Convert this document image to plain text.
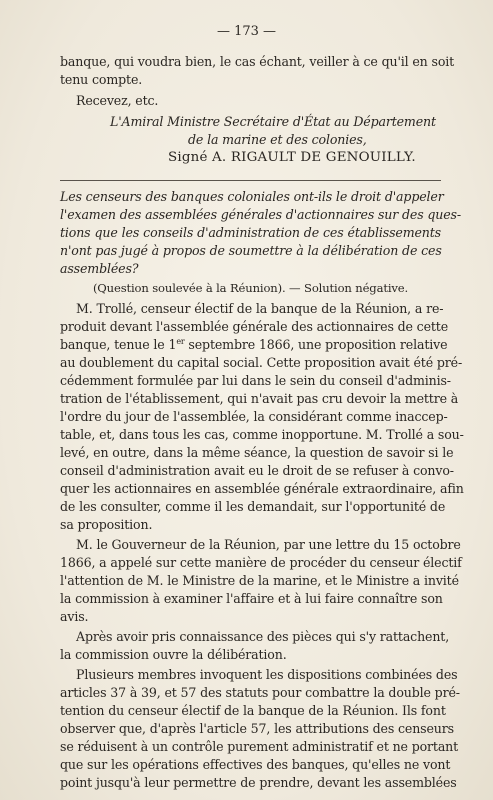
— 173 —
banque, qui voudra bien, le cas échant, veiller à ce qu'il en soit
tenu compte.
Recevez, etc.
L'Amiral Ministre Secrétaire d'État au Département
de la marine et des colonies,
Signé A. RIGAULT DE GENOUILLY.
Les censeurs des banques coloniales ont-ils le droit d'appeler
l'examen des assemblées générales d'actionnaires sur des ques-
tions que les conseils d'administration de ces établissements
n'ont pas jugé à propos de soumettre à la délibération de ces
assemblées?
(Question soulevée à la Réunion). — Solution négative.
M. Trollé, censeur électif de la banque de la Réunion, a re-
produit devant l'assemblée générale des actionnaires de cette
banque, tenue le 1er septembre 1866, une proposition relative
au doublement du capital social. Cette proposition avait été pré-
cédemment formulée par lui dans le sein du conseil d'adminis-
tration de l'établissement, qui n'avait pas cru devoir la mettre à
l'ordre du jour de l'assemblée, la considérant comme inaccep-
table, et, dans tous les cas, comme inopportune. M. Trollé a sou-
levé, en outre, dans la même séance, la question de savoir si le
conseil d'administration avait eu le droit de se refuser à convo-
quer les actionnaires en assemblée générale extraordinaire, afin
de les consulter, comme il les demandait, sur l'opportunité de
sa proposition.
M. le Gouverneur de la Réunion, par une lettre du 15 octobre
1866, a appelé sur cette manière de procéder du censeur électif
l'attention de M. le Ministre de la marine, et le Ministre a invité
la commission à examiner l'affaire et à lui faire connaître son
avis.
Après avoir pris connaissance des pièces qui s'y rattachent,
la commission ouvre la délibération.
Plusieurs membres invoquent les dispositions combinées des
articles 37 à 39, et 57 des statuts pour combattre la double pré-
tention du censeur électif de la banque de la Réunion. Ils font
observer que, d'après l'article 57, les attributions des censeurs
se réduisent à un contrôle purement administratif et ne portant
que sur les opérations effectives des banques, qu'elles ne vont
point jusqu'à leur permettre de prendre, devant les assemblées
